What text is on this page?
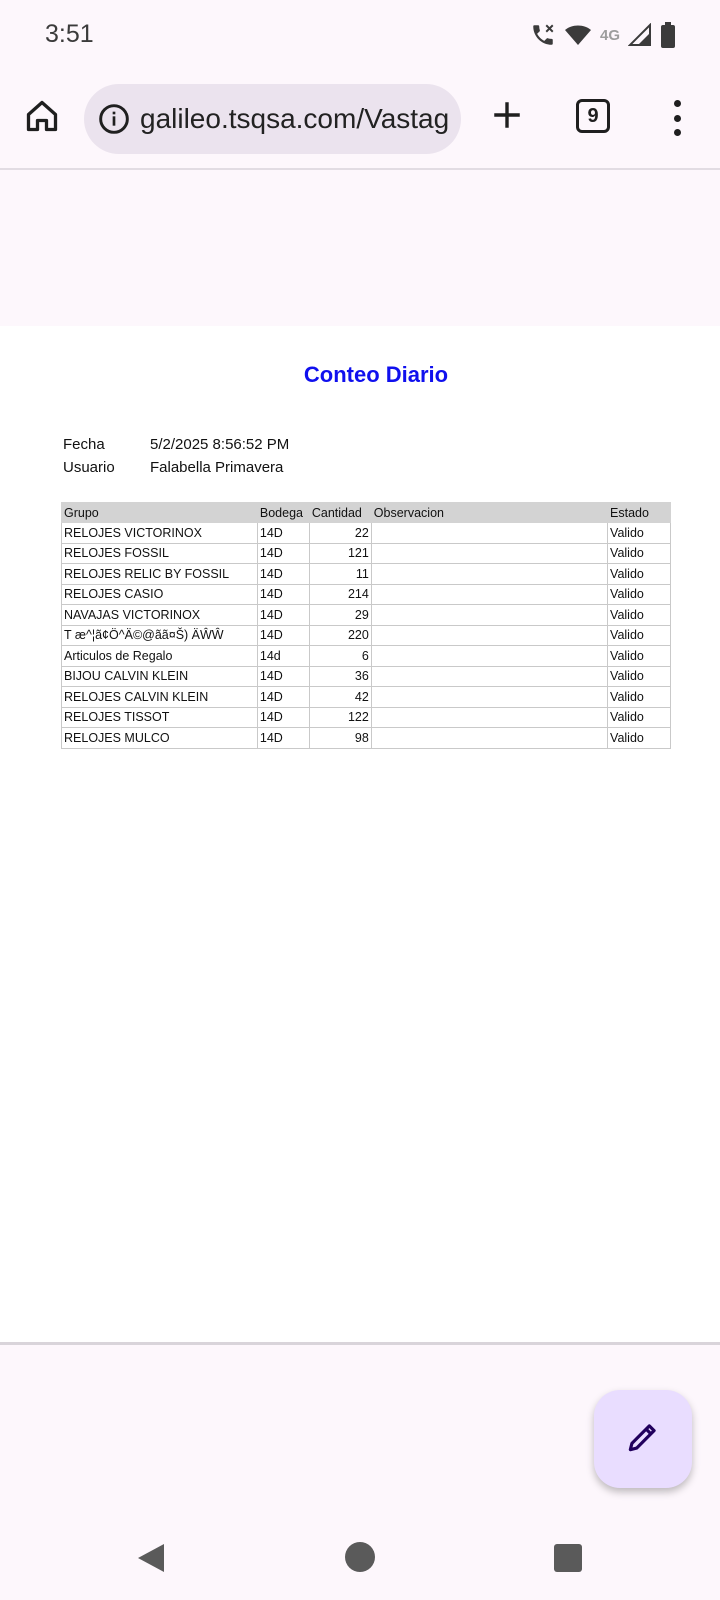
3:51	4G
galileo.tsqsa.com/Vastag	9
Conteo Diario
Fecha	5/2/2025 8:56:52 PM
Usuario	Falabella Primavera
Grupo	Bodega	Cantidad	Observacion	Estado
RELOJES VICTORINOX	14D	22		Valido
RELOJES FOSSIL	14D	121		Valido
RELOJES RELIC BY FOSSIL	14D	11		Valido
RELOJES CASIO	14D	214		Valido
NAVAJAS VICTORINOX	14D	29		Valido
T æ^¦ã¢Ö^Ä©@ãã¤Š) ÄŴŴ	14D	220		Valido
Articulos de Regalo	14d	6		Valido
BIJOU CALVIN KLEIN	14D	36		Valido
RELOJES CALVIN KLEIN	14D	42		Valido
RELOJES TISSOT	14D	122		Valido
RELOJES MULCO	14D	98		Valido
